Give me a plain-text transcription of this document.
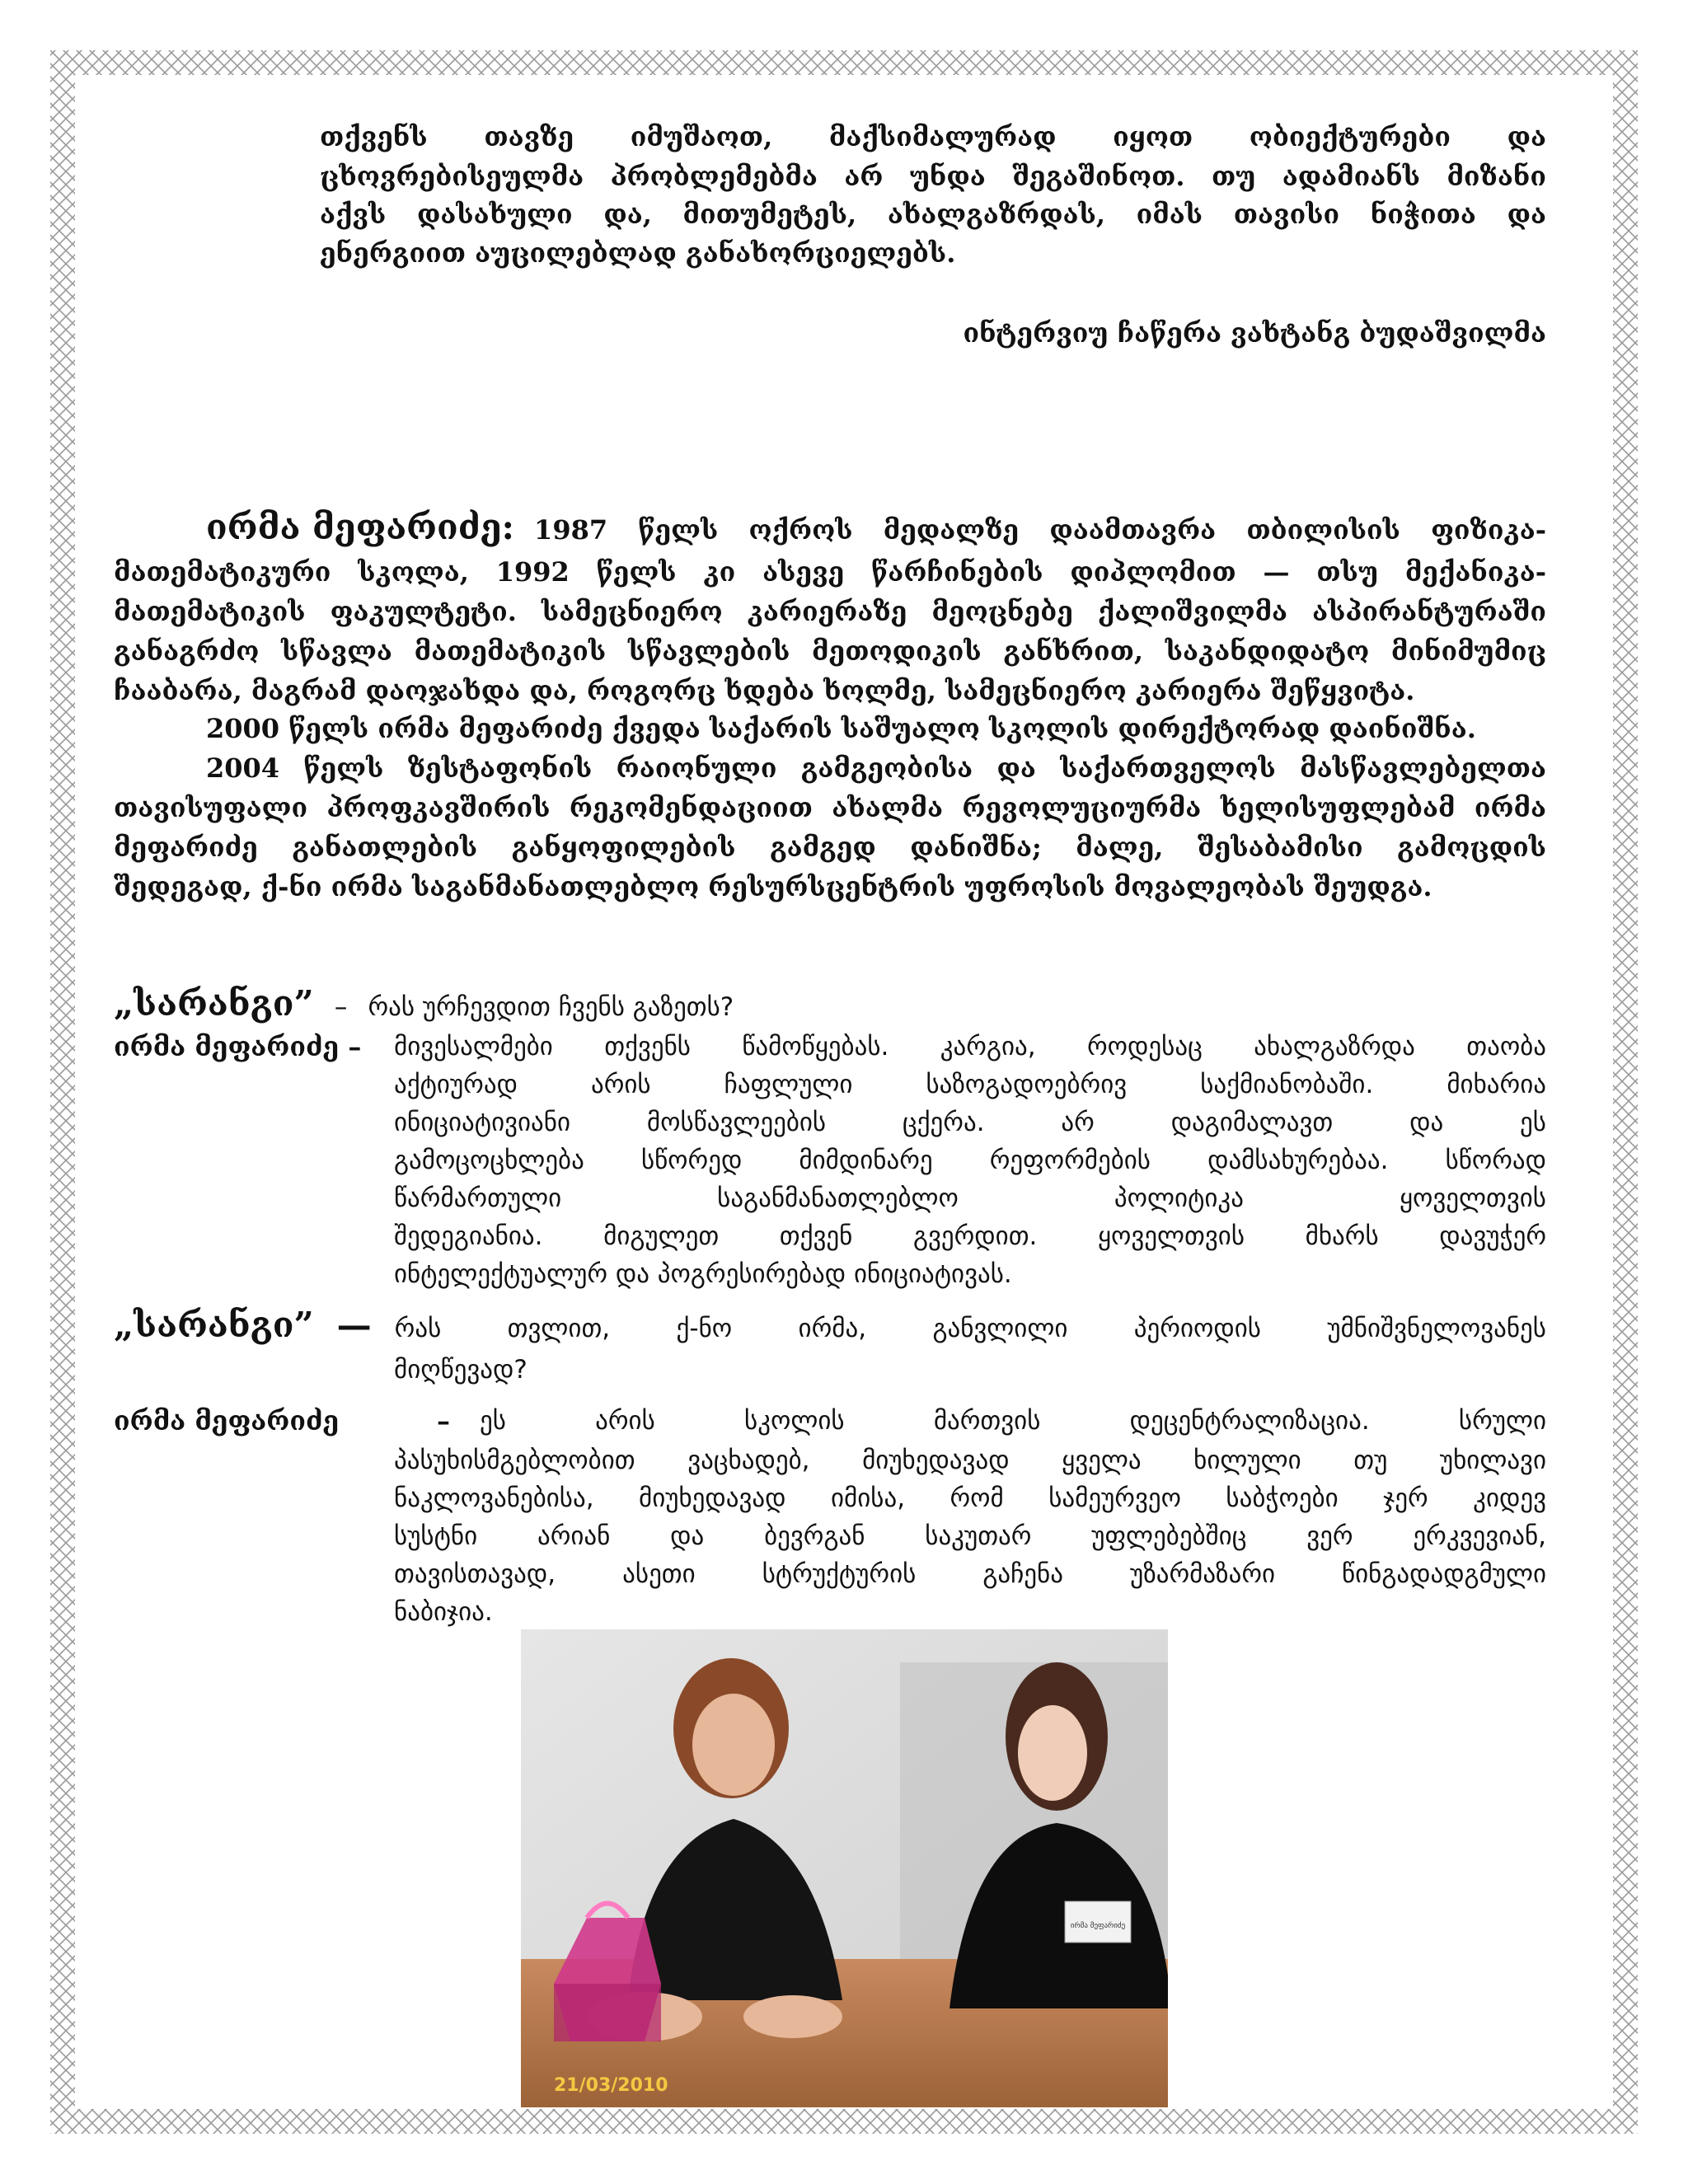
თქვენს თავზე იმუშაოთ, მაქსიმალურად იყოთ ობიექტურები და
ცხოვრებისეულმა პრობლემებმა არ უნდა შეგაშინოთ. თუ ადამიანს მიზანი
აქვს დასახული და, მითუმეტეს, ახალგაზრდას, იმას თავისი ნიჭითა და
ენერგიით აუცილებლად განახორციელებს.
ინტერვიუ ჩაწერა ვახტანგ ბუდაშვილმა
ირმა მეფარიძე: 1987 წელს ოქროს მედალზე დაამთავრა თბილისის ფიზიკა-
მათემატიკური სკოლა, 1992 წელს კი ასევე წარჩინების დიპლომით — თსუ მექანიკა-
მათემატიკის ფაკულტეტი. სამეცნიერო კარიერაზე მეოცნებე ქალიშვილმა ასპირანტურაში
განაგრძო სწავლა მათემატიკის სწავლების მეთოდიკის განხრით, საკანდიდატო მინიმუმიც
ჩააბარა, მაგრამ დაოჯახდა და, როგორც ხდება ხოლმე, სამეცნიერო კარიერა შეწყვიტა.
2000 წელს ირმა მეფარიძე ქვედა საქარის საშუალო სკოლის დირექტორად დაინიშნა.
2004 წელს ზესტაფონის რაიონული გამგეობისა და საქართველოს მასწავლებელთა
თავისუფალი პროფკავშირის რეკომენდაციით ახალმა რევოლუციურმა ხელისუფლებამ ირმა
მეფარიძე განათლების განყოფილების გამგედ დანიშნა; მალე, შესაბამისი გამოცდის
შედეგად, ქ-ნი ირმა საგანმანათლებლო რესურსცენტრის უფროსის მოვალეობას შეუდგა.
„სარანგი” – რას ურჩევდით ჩვენს გაზეთს?
ირმა მეფარიძე – მივესალმები თქვენს წამოწყებას. კარგია, როდესაც ახალგაზრდა თაობა
აქტიურად არის ჩაფლული საზოგადოებრივ საქმიანობაში. მიხარია
ინიციატივიანი მოსწავლეების ცქერა. არ დაგიმალავთ და ეს
გამოცოცხლება სწორედ მიმდინარე რეფორმების დამსახურებაა. სწორად
წარმართული საგანმანათლებლო პოლიტიკა ყოველთვის
შედეგიანია. მიგულეთ თქვენ გვერდით. ყოველთვის მხარს დავუჭერ
ინტელექტუალურ და პოგრესირებად ინიციატივას.
„სარანგი” — რას თვლით, ქ-ნო ირმა, განვლილი პერიოდის უმნიშვნელოვანეს
მიღწევად?
ირმა მეფარიძე	– ეს არის სკოლის მართვის დეცენტრალიზაცია. სრული
პასუხისმგებლობით ვაცხადებ, მიუხედავად ყველა ხილული თუ უხილავი
ნაკლოვანებისა, მიუხედავად იმისა, რომ სამეურვეო საბჭოები ჯერ კიდევ
სუსტნი არიან და ბევრგან საკუთარ უფლებებშიც ვერ ერკვევიან,
თავისთავად, ასეთი სტრუქტურის გაჩენა უზარმაზარი წინგადადგმული
ნაბიჯია.
ირმა მეფარიძე
21/03/2010
